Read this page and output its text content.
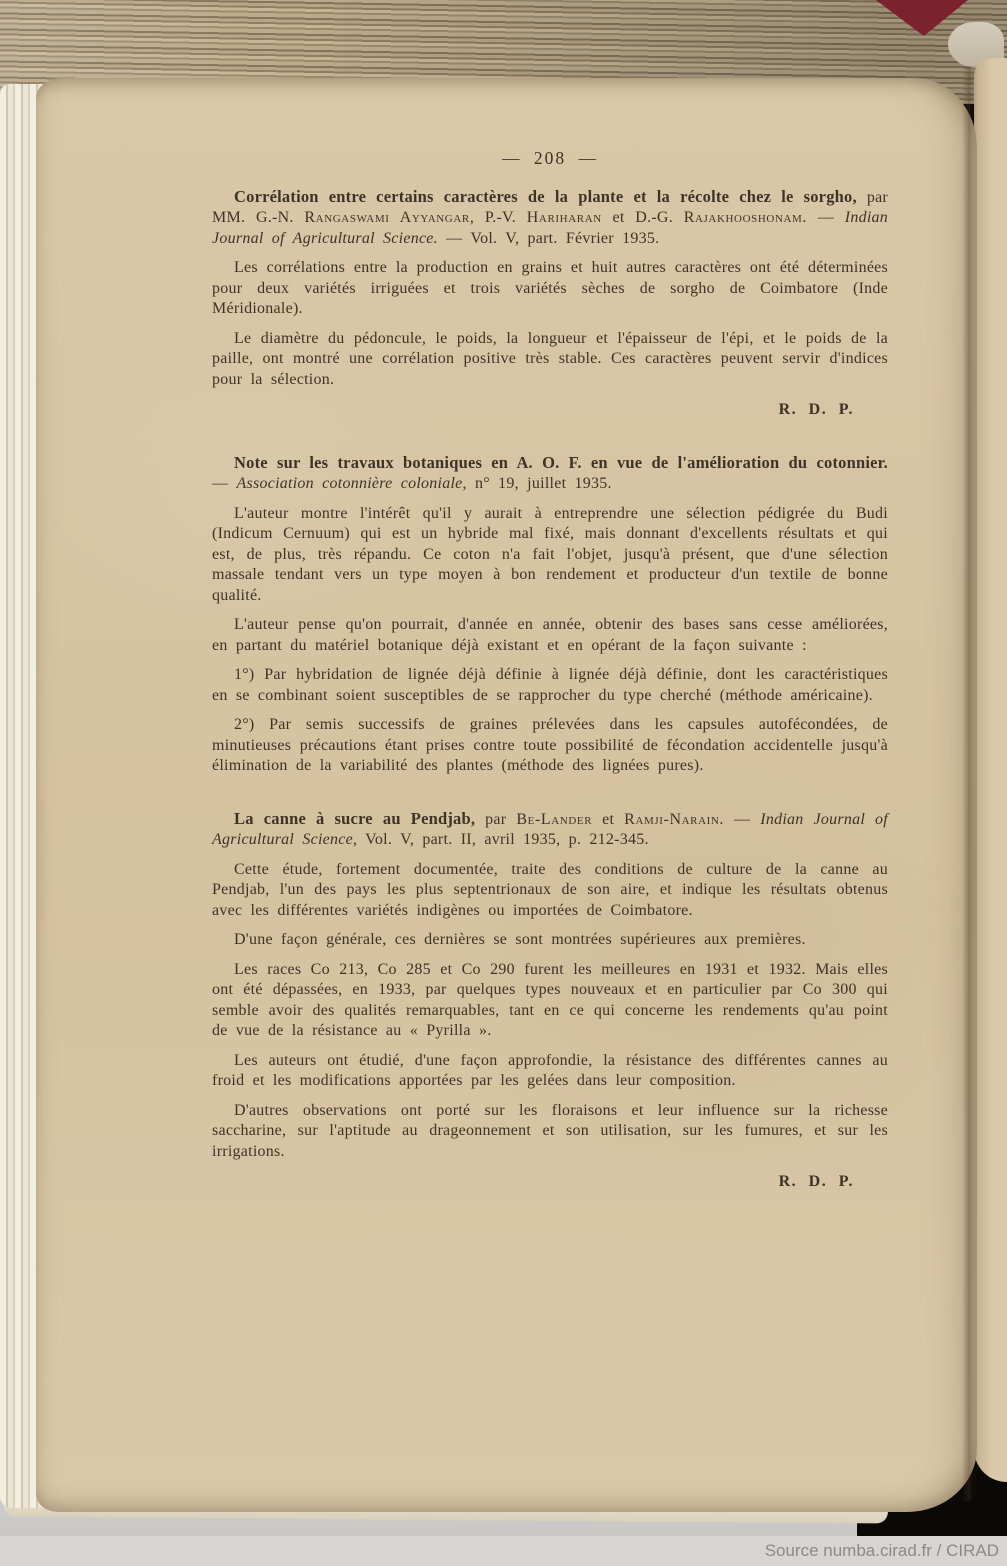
— 208 —

Corrélation entre certains caractères de la plante et la récolte chez le sorgho, par MM. G.-N. Rangaswami Ayyangar, P.-V. Hariharan et D.-G. Rajakhooshonam. — Indian Journal of Agricultural Science. — Vol. V, part. Février 1935.

Les corrélations entre la production en grains et huit autres caractères ont été déterminées pour deux variétés irriguées et trois variétés sèches de sorgho de Coimbatore (Inde Méridionale).

Le diamètre du pédoncule, le poids, la longueur et l'épaisseur de l'épi, et le poids de la paille, ont montré une corrélation positive très stable. Ces caractères peuvent servir d'indices pour la sélection.

R. D. P.

Note sur les travaux botaniques en A. O. F. en vue de l'amélioration du cotonnier. — Association cotonnière coloniale, n° 19, juillet 1935.

L'auteur montre l'intérêt qu'il y aurait à entreprendre une sélection pédigrée du Budi (Indicum Cernuum) qui est un hybride mal fixé, mais donnant d'excellents résultats et qui est, de plus, très répandu. Ce coton n'a fait l'objet, jusqu'à présent, que d'une sélection massale tendant vers un type moyen à bon rendement et producteur d'un textile de bonne qualité.

L'auteur pense qu'on pourrait, d'année en année, obtenir des bases sans cesse améliorées, en partant du matériel botanique déjà existant et en opérant de la façon suivante :

1°) Par hybridation de lignée déjà définie à lignée déjà définie, dont les caractéristiques en se combinant soient susceptibles de se rapprocher du type cherché (méthode américaine).

2°) Par semis successifs de graines prélevées dans les capsules autofécondées, de minutieuses précautions étant prises contre toute possibilité de fécondation accidentelle jusqu'à élimination de la variabilité des plantes (méthode des lignées pures).

La canne à sucre au Pendjab, par Be-Lander et Ramji-Narain. — Indian Journal of Agricultural Science, Vol. V, part. II, avril 1935, p. 212-345.

Cette étude, fortement documentée, traite des conditions de culture de la canne au Pendjab, l'un des pays les plus septentrionaux de son aire, et indique les résultats obtenus avec les différentes variétés indigènes ou importées de Coimbatore.

D'une façon générale, ces dernières se sont montrées supérieures aux premières.

Les races Co 213, Co 285 et Co 290 furent les meilleures en 1931 et 1932. Mais elles ont été dépassées, en 1933, par quelques types nouveaux et en particulier par Co 300 qui semble avoir des qualités remarquables, tant en ce qui concerne les rendements qu'au point de vue de la résistance au « Pyrilla ».

Les auteurs ont étudié, d'une façon approfondie, la résistance des différentes cannes au froid et les modifications apportées par les gelées dans leur composition.

D'autres observations ont porté sur les floraisons et leur influence sur la richesse saccharine, sur l'aptitude au drageonnement et son utilisation, sur les fumures, et sur les irrigations.

R. D. P.

Source numba.cirad.fr / CIRAD
